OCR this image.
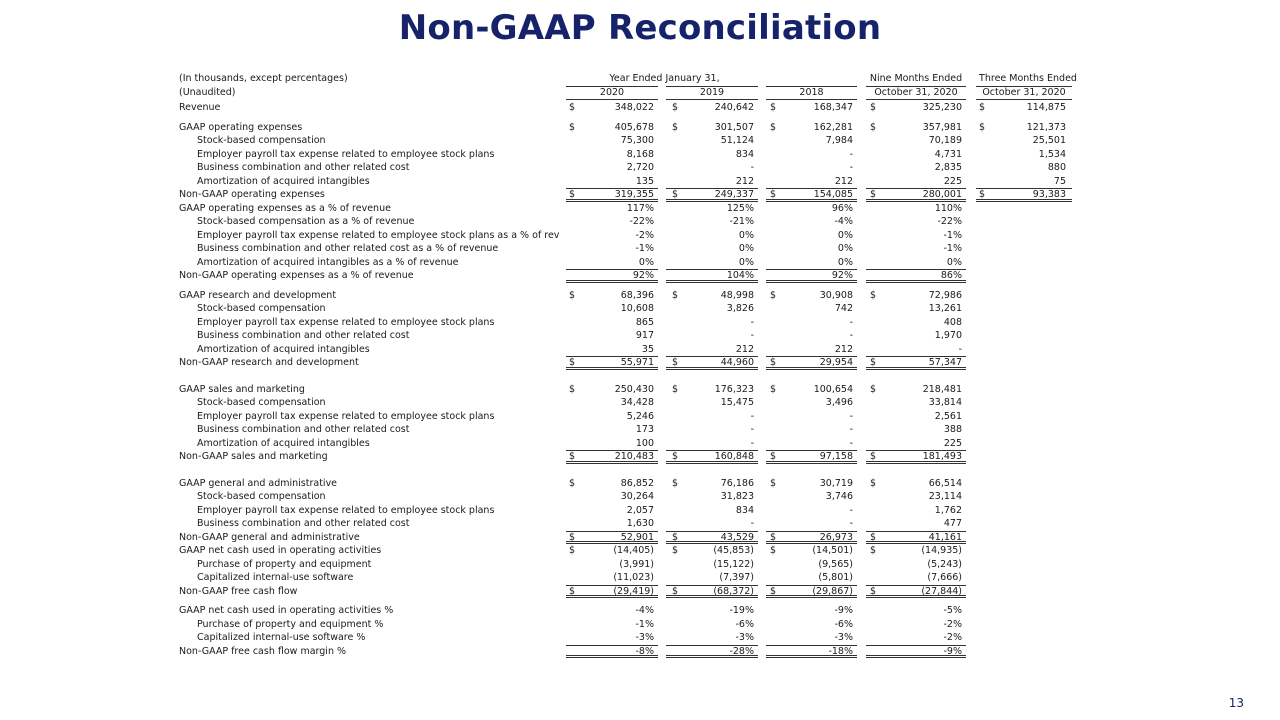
Non-GAAP Reconciliation
(In thousands, except percentages)
(Unaudited)
Year Ended January 31,	Nine Months Ended	Three Months Ended
2020	2019	2018	October 31, 2020	October 31, 2020
Revenue	$	348,022 $	240,642 $	168,347 $	325,230 $	114,875
GAAP operating expenses	$	405,678 $	301,507 $	162,281 $	357,981 $	121,373
Stock-based compensation	75,300	51,124	7,984	70,189	25,501
Employer payroll tax expense related to employee stock plans	8,168	834	-	4,731	1,534
Business combination and other related cost	2,720	-	-	2,835	880
Amortization of acquired intangibles	135	212	212	225	75
Non-GAAP operating expenses	$	319,355 $	249,337 $	154,085 $	280,001 $	93,383
GAAP operating expenses as a % of revenue	117%	125%	96%	110%
Stock-based compensation as a % of revenue	-22%	-21%	-4%	-22%
Employer payroll tax expense related to employee stock plans as a % of rev	-2%	0%	0%	-1%
Business combination and other related cost as a % of revenue	-1%	0%	0%	-1%
Amortization of acquired intangibles as a % of revenue	0%	0%	0%	0%
Non-GAAP operating expenses as a % of revenue	92%	104%	92%	86%
GAAP research and development	$	68,396 $	48,998 $	30,908 $	72,986
Stock-based compensation	10,608	3,826	742	13,261
Employer payroll tax expense related to employee stock plans	865	-	-	408
Business combination and other related cost	917	-	-	1,970
Amortization of acquired intangibles	35	212	212	-
Non-GAAP research and development	$	55,971 $	44,960 $	29,954 $	57,347
GAAP sales and marketing	$	250,430 $	176,323 $	100,654 $	218,481
Stock-based compensation	34,428	15,475	3,496	33,814
Employer payroll tax expense related to employee stock plans	5,246	-	-	2,561
Business combination and other related cost	173	-	-	388
Amortization of acquired intangibles	100	-	-	225
Non-GAAP sales and marketing	$	210,483 $	160,848 $	97,158 $	181,493
GAAP general and administrative	$	86,852 $	76,186 $	30,719 $	66,514
Stock-based compensation	30,264	31,823	3,746	23,114
Employer payroll tax expense related to employee stock plans	2,057	834	-	1,762
Business combination and other related cost	1,630	-	-	477
Non-GAAP general and administrative	$	52,901 $	43,529 $	26,973 $	41,161
GAAP net cash used in operating activities	$	(14,405) $	(45,853) $	(14,501) $	(14,935)
Purchase of property and equipment	(3,991)	(15,122)	(9,565)	(5,243)
Capitalized internal-use software	(11,023)	(7,397)	(5,801)	(7,666)
Non-GAAP free cash flow	$	(29,419) $	(68,372) $	(29,867) $	(27,844)
GAAP net cash used in operating activities %	-4%	-19%	-9%	-5%
Purchase of property and equipment %	-1%	-6%	-6%	-2%
Capitalized internal-use software %	-3%	-3%	-3%	-2%
Non-GAAP free cash flow margin %	-8%	-28%	-18%	-9%
13
